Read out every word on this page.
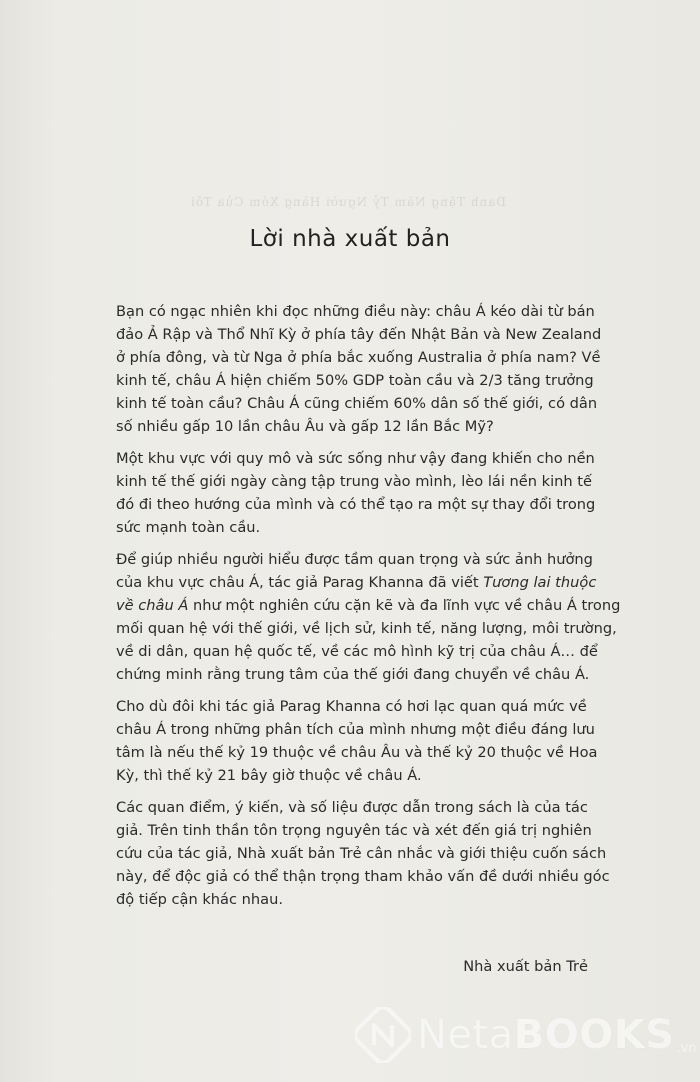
Danh Tặng Năm Tỷ Người Hàng Xóm Của Tôi
Lời nhà xuất bản

Bạn có ngạc nhiên khi đọc những điều này: châu Á kéo dài từ bán
đảo Ả Rập và Thổ Nhĩ Kỳ ở phía tây đến Nhật Bản và New Zealand
ở phía đông, và từ Nga ở phía bắc xuống Australia ở phía nam? Về
kinh tế, châu Á hiện chiếm 50% GDP toàn cầu và 2/3 tăng trưởng
kinh tế toàn cầu? Châu Á cũng chiếm 60% dân số thế giới, có dân
số nhiều gấp 10 lần châu Âu và gấp 12 lần Bắc Mỹ?

Một khu vực với quy mô và sức sống như vậy đang khiến cho nền
kinh tế thế giới ngày càng tập trung vào mình, lèo lái nền kinh tế
đó đi theo hướng của mình và có thể tạo ra một sự thay đổi trong
sức mạnh toàn cầu.

Để giúp nhiều người hiểu được tầm quan trọng và sức ảnh hưởng
của khu vực châu Á, tác giả Parag Khanna đã viết Tương lai thuộc
về châu Á như một nghiên cứu cặn kẽ và đa lĩnh vực về châu Á trong
mối quan hệ với thế giới, về lịch sử, kinh tế, năng lượng, môi trường,
về di dân, quan hệ quốc tế, về các mô hình kỹ trị của châu Á… để
chứng minh rằng trung tâm của thế giới đang chuyển về châu Á.

Cho dù đôi khi tác giả Parag Khanna có hơi lạc quan quá mức về
châu Á trong những phân tích của mình nhưng một điều đáng lưu
tâm là nếu thế kỷ 19 thuộc về châu Âu và thế kỷ 20 thuộc về Hoa
Kỳ, thì thế kỷ 21 bây giờ thuộc về châu Á.

Các quan điểm, ý kiến, và số liệu được dẫn trong sách là của tác
giả. Trên tinh thần tôn trọng nguyên tác và xét đến giá trị nghiên
cứu của tác giả, Nhà xuất bản Trẻ cân nhắc và giới thiệu cuốn sách
này, để độc giả có thể thận trọng tham khảo vấn đề dưới nhiều góc
độ tiếp cận khác nhau.

Nhà xuất bản Trẻ
NetaBOOKS .vn
